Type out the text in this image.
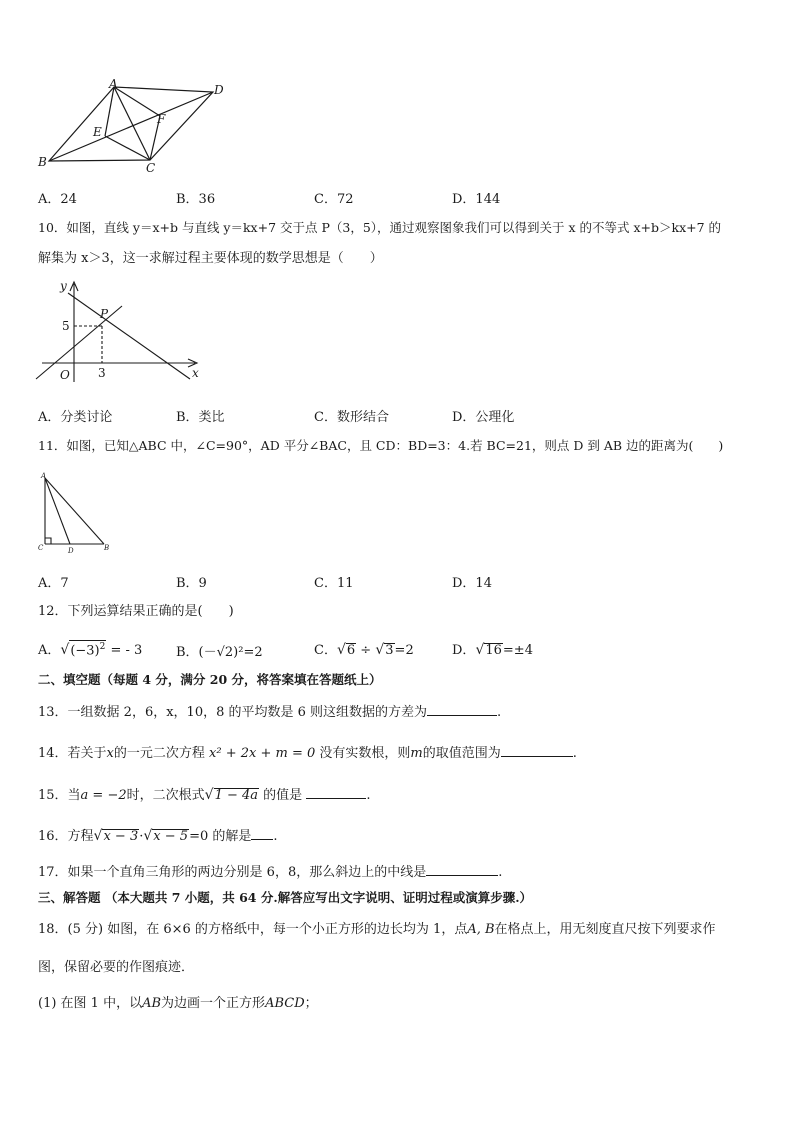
A	D
E
F
B	C
A．24	B．36	C．72	D．144
10．如图，直线 y＝x+b 与直线 y＝kx+7 交于点 P（3，5），通过观察图象我们可以得到关于 x 的不等式 x+b＞kx+7 的
解集为 x＞3，这一求解过程主要体现的数学思想是（　　）
y
x
P
O
5
3
A．分类讨论	B．类比	C．数形结合	D．公理化
11．如图，已知△ABC 中，∠C=90°，AD 平分∠BAC，且 CD：BD=3：4.若 BC=21，则点 D 到 AB 边的距离为(　　)
A
C	D	B
A．7	B．9	C．11	D．14
12．下列运算结果正确的是(　　)
A．$√(-3)^2$ = - 3	B．(－√2)²=2	C．√6 ÷ √3=2	D．√16=±4
二、填空题（每题 4 分，满分 20 分，将答案填在答题纸上）
13．一组数据 2，6，x，10，8 的平均数是 6 则这组数据的方差为	.
14．若关于x的一元二次方程 x² + 2x + m = 0 没有实数根，则m的取值范围为	.
15．当a = −2时，二次根式√1 − 4a 的值是	.
16．方程√x − 3·√x − 5=0 的解是 .
17．如果一个直角三角形的两边分别是 6，8，那么斜边上的中线是	.
三、解答题 （本大题共 7 小题，共 64 分.解答应写出文字说明、证明过程或演算步骤.）
18．(5 分) 如图，在 6×6 的方格纸中，每一个小正方形的边长均为 1，点A, B在格点上，用无刻度直尺按下列要求作
图，保留必要的作图痕迹．
(1) 在图 1 中，以AB为边画一个正方形ABCD；
